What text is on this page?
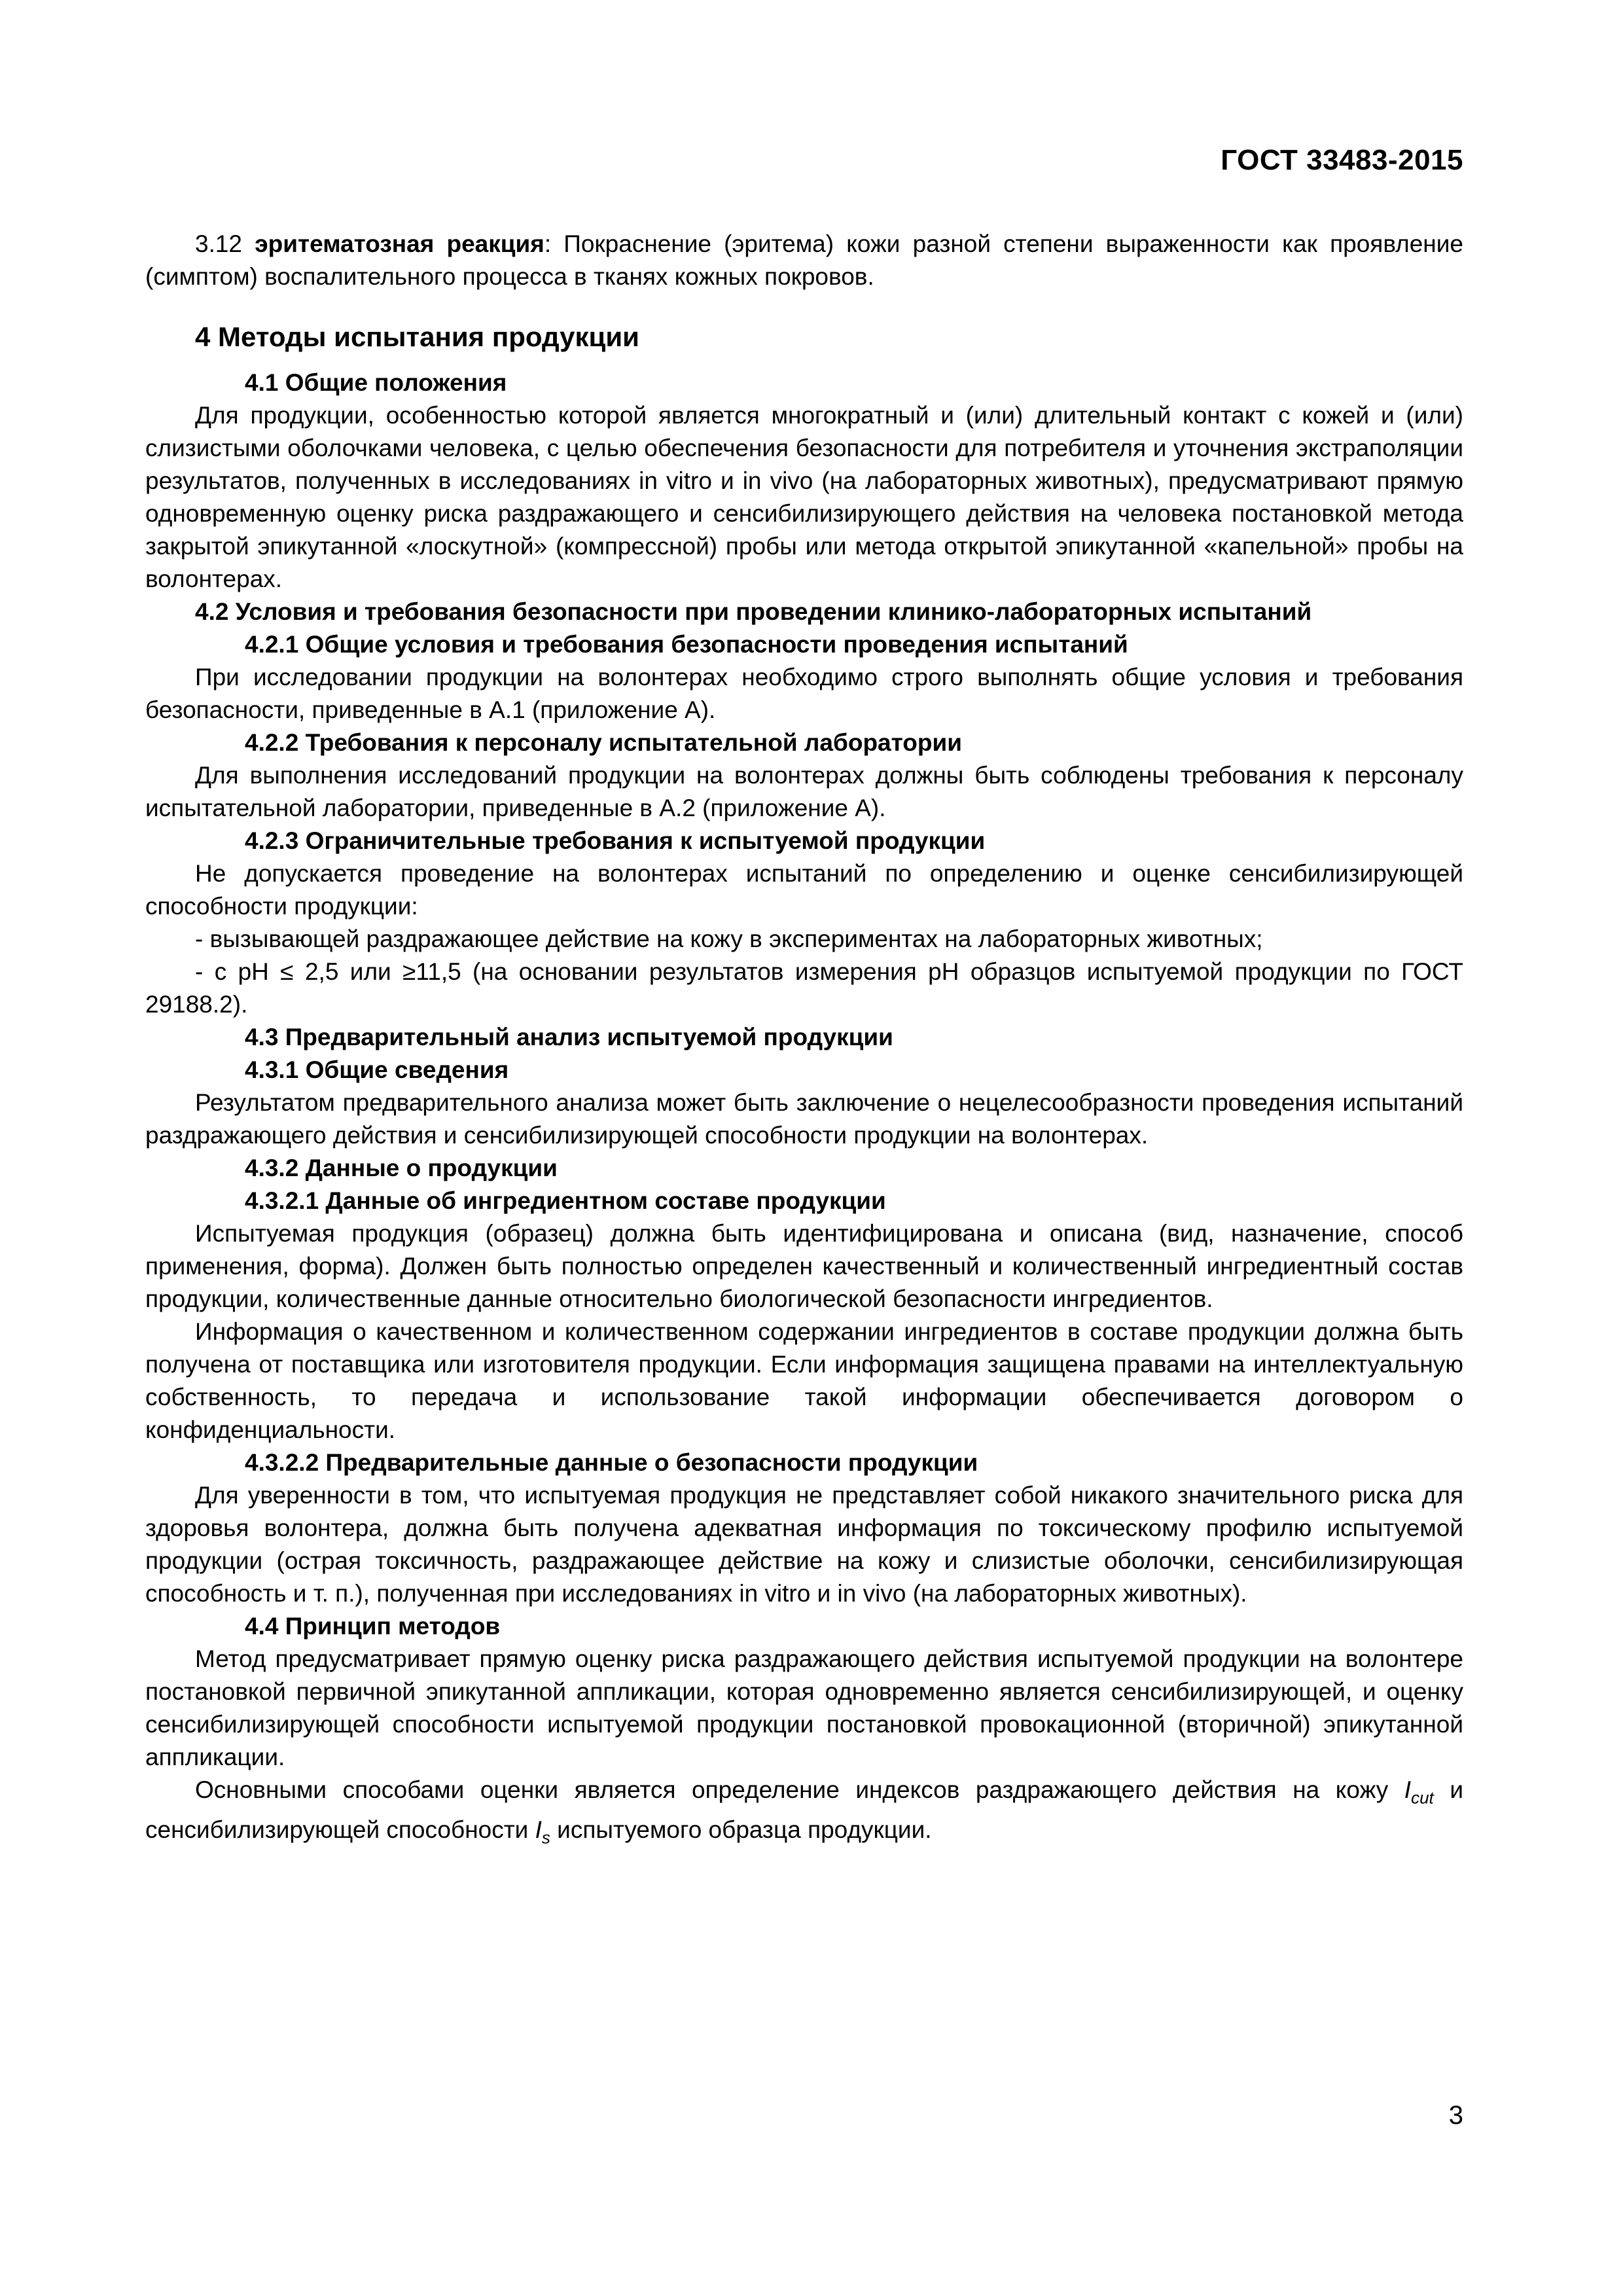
ГОСТ 33483-2015

3.12 эритематозная реакция: Покраснение (эритема) кожи разной степени выраженности как проявление (симптом) воспалительного процесса в тканях кожных покровов.

4 Методы испытания продукции

4.1 Общие положения

Для продукции, особенностью которой является многократный и (или) длительный контакт с кожей и (или) слизистыми оболочками человека, с целью обеспечения безопасности для потребителя и уточнения экстраполяции результатов, полученных в исследованиях in vitro и in vivo (на лабораторных животных), предусматривают прямую одновременную оценку риска раздражающего и сенсибилизирующего действия на человека постановкой метода закрытой эпикутанной «лоскутной» (компрессной) пробы или метода открытой эпикутанной «капельной» пробы на волонтерах.

4.2 Условия и требования безопасности при проведении клинико-лабораторных испытаний

4.2.1 Общие условия и требования безопасности проведения испытаний

При исследовании продукции на волонтерах необходимо строго выполнять общие условия и требования безопасности, приведенные в А.1 (приложение А).

4.2.2 Требования к персоналу испытательной лаборатории

Для выполнения исследований продукции на волонтерах должны быть соблюдены требования к персоналу испытательной лаборатории, приведенные в А.2 (приложение А).

4.2.3 Ограничительные требования к испытуемой продукции

Не допускается проведение на волонтерах испытаний по определению и оценке сенсибилизирующей способности продукции:

- вызывающей раздражающее действие на кожу в экспериментах на лабораторных животных;

- с pH ≤ 2,5 или ≥11,5 (на основании результатов измерения pH образцов испытуемой продукции по ГОСТ 29188.2).

4.3 Предварительный анализ испытуемой продукции

4.3.1 Общие сведения

Результатом предварительного анализа может быть заключение о нецелесообразности проведения испытаний раздражающего действия и сенсибилизирующей способности продукции на волонтерах.

4.3.2 Данные о продукции

4.3.2.1 Данные об ингредиентном составе продукции

Испытуемая продукция (образец) должна быть идентифицирована и описана (вид, назначение, способ применения, форма). Должен быть полностью определен качественный и количественный ингредиентный состав продукции, количественные данные относительно биологической безопасности ингредиентов.

Информация о качественном и количественном содержании ингредиентов в составе продукции должна быть получена от поставщика или изготовителя продукции. Если информация защищена правами на интеллектуальную собственность, то передача и использование такой информации обеспечивается договором о конфиденциальности.

4.3.2.2 Предварительные данные о безопасности продукции

Для уверенности в том, что испытуемая продукция не представляет собой никакого значительного риска для здоровья волонтера, должна быть получена адекватная информация по токсическому профилю испытуемой продукции (острая токсичность, раздражающее действие на кожу и слизистые оболочки, сенсибилизирующая способность и т. п.), полученная при исследованиях in vitro и in vivo (на лабораторных животных).

4.4 Принцип методов

Метод предусматривает прямую оценку риска раздражающего действия испытуемой продукции на волонтере постановкой первичной эпикутанной аппликации, которая одновременно является сенсибилизирующей, и оценку сенсибилизирующей способности испытуемой продукции постановкой провокационной (вторичной) эпикутанной аппликации.

Основными способами оценки является определение индексов раздражающего действия на кожу $I_{cut}$ и сенсибилизирующей способности $I_s$ испытуемого образца продукции.

3
